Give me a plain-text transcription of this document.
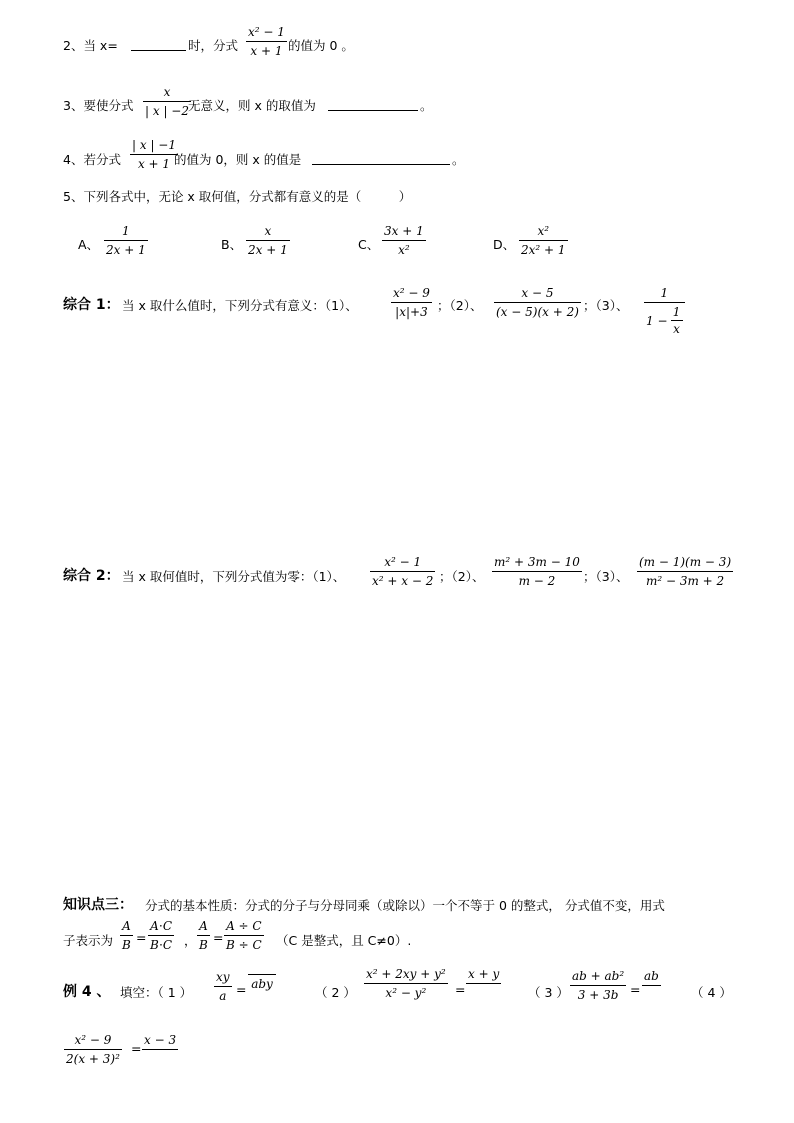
2、当 x=	时，分式
x² − 1
x + 1 的值为 0 。
3、要使分式
x
| x | −2 无意义，则 x 的取值为	。
4、若分式
| x | −1
x + 1 的值为 0，则 x 的值是	。
5、下列各式中，无论 x 取何值，分式都有意义的是（　　　）
A、
1
2x + 1	B、
x
2x + 1	C、
3x + 1
x²	D、
x²
2x² + 1
综合 1： 当 x 取什么值时，下列分式有意义：（1）、
x² − 9
|x|+3 ；（2）、
x − 5
(x − 5)(x + 2) ；（3）、
1
1 −
1
x
综合 2： 当 x 取何值时，下列分式值为零：（1）、
x² − 1
x² + x − 2 ；（2）、
m² + 3m − 10
m − 2 ；（3）、
(m − 1)(m − 3)
m² − 3m + 2
知识点三： 分式的基本性质：分式的分子与分母同乘（或除以）一个不等于 0 的整式， 分式值不变，用式
子表示为
A
B =
A⋅C
B⋅C ，
A
B =
A ÷ C
B ÷ C （C 是整式，且 C≠0）.
例 4 、 填空：（ 1 ）
xy
a = aby
（ 2 ）
x² + 2xy + y²
x² − y² =
x + y
（ 3 ）
ab + ab²
3 + 3b =
ab
（ 4 ）
x² − 9
2(x + 3)²
=
x − 3
